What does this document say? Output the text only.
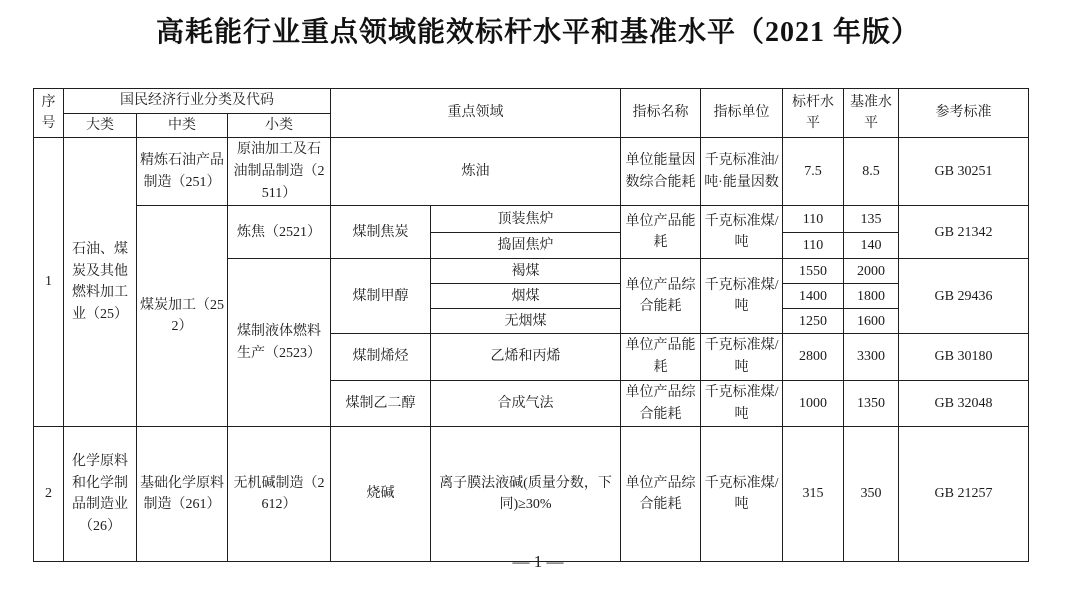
高耗能行业重点领域能效标杆水平和基准水平（2021 年版）
序号	国民经济行业分类及代码			重点领域		指标名称	指标单位	标杆水平	基准水平	参考标准
	大类	中类	小类							
1	石油、煤炭及其他燃料加工业（25）	精炼石油产品制造（251）	原油加工及石油制品制造（2511）	炼油		单位能量因数综合能耗	千克标准油/吨·能量因数	7.5	8.5	GB 30251
		煤炭加工（252）	炼焦（2521）	煤制焦炭	顶装焦炉	单位产品能耗	千克标准煤/吨	110	135	GB 21342
					捣固焦炉			110	140	
			煤制液体燃料生产（2523）	煤制甲醇	褐煤	单位产品综合能耗	千克标准煤/吨	1550	2000	GB 29436
					烟煤			1400	1800	
					无烟煤			1250	1600	
				煤制烯烃	乙烯和丙烯	单位产品能耗	千克标准煤/吨	2800	3300	GB 30180
				煤制乙二醇	合成气法	单位产品综合能耗	千克标准煤/吨	1000	1350	GB 32048
2	化学原料和化学制品制造业（26）	基础化学原料制造（261）	无机碱制造（2612）	烧碱	离子膜法液碱(质量分数，下同)≥30%	单位产品综合能耗	千克标准煤/吨	315	350	GB 21257
— 1 —
